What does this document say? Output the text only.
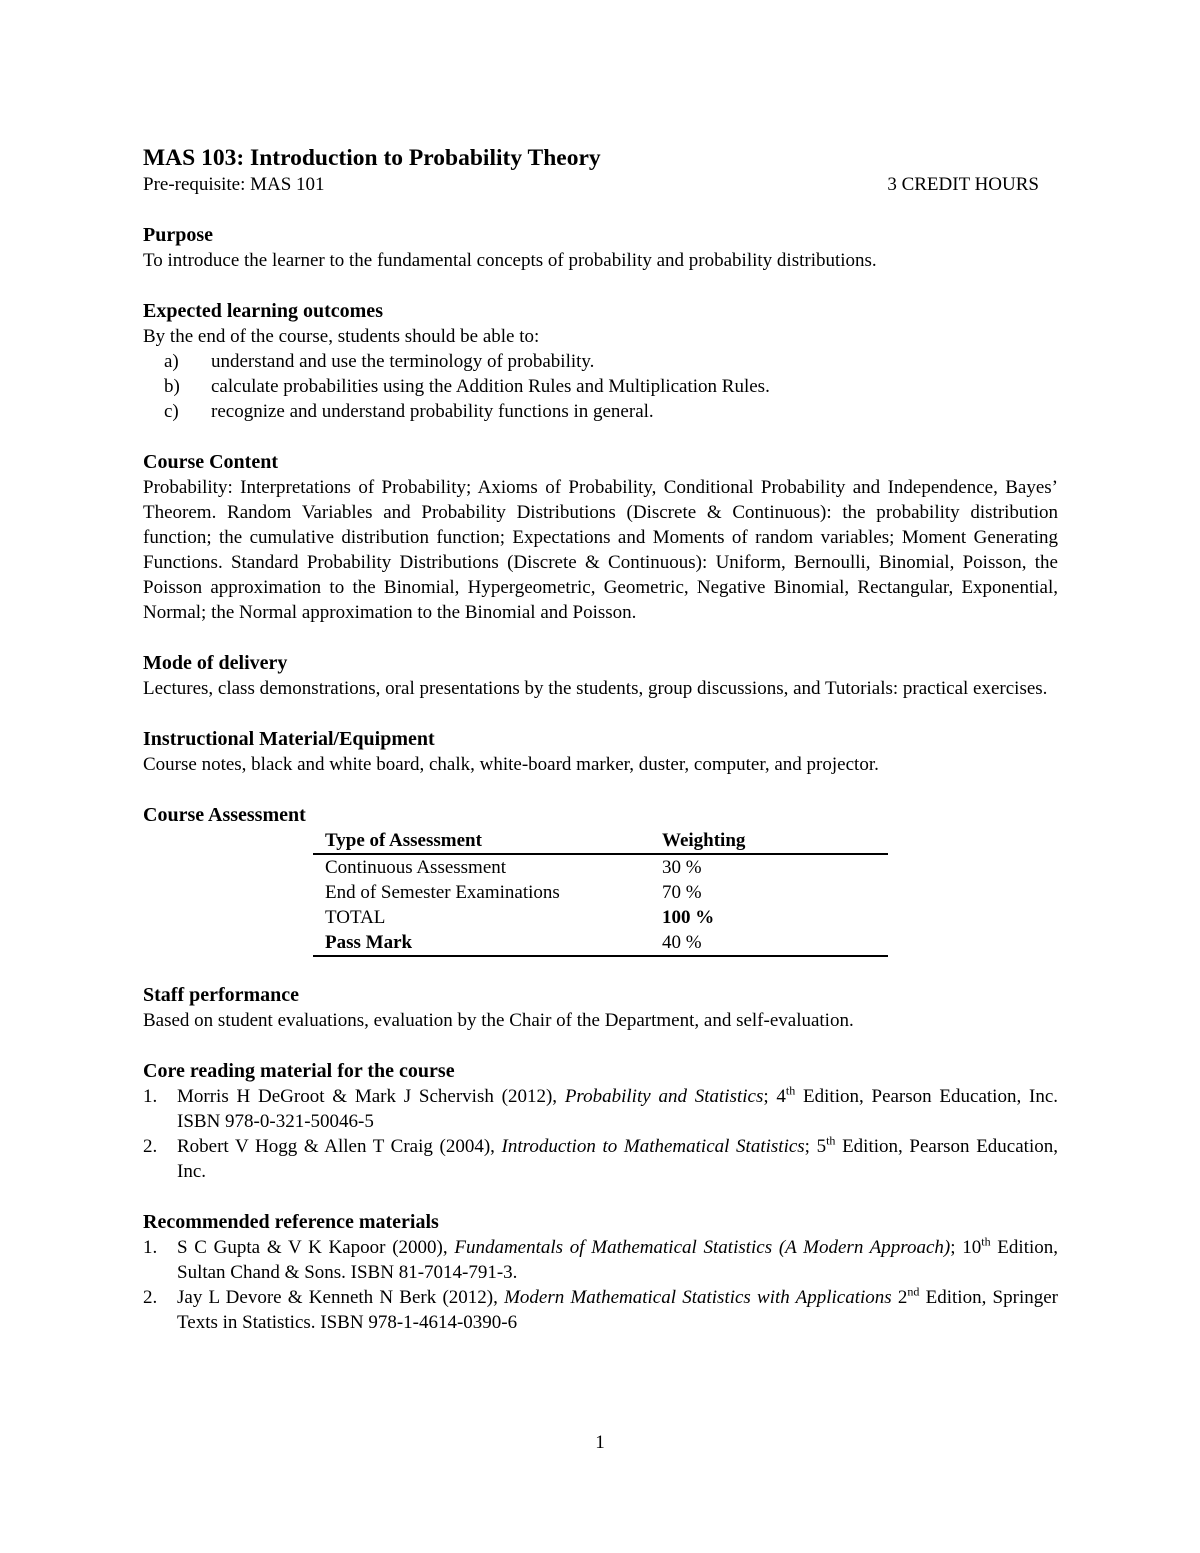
MAS 103: Introduction to Probability Theory
Pre-requisite: MAS 101	3 CREDIT HOURS
Purpose
To introduce the learner to the fundamental concepts of probability and probability distributions.
Expected learning outcomes
By the end of the course, students should be able to:
a)	understand and use the terminology of probability.
b)	calculate probabilities using the Addition Rules and Multiplication Rules.
c)	recognize and understand probability functions in general.
Course Content
Probability: Interpretations of Probability; Axioms of Probability, Conditional Probability and Independence, Bayes’ Theorem. Random Variables and Probability Distributions (Discrete & Continuous): the probability distribution function; the cumulative distribution function; Expectations and Moments of random variables; Moment Generating Functions. Standard Probability Distributions (Discrete & Continuous): Uniform, Bernoulli, Binomial, Poisson, the Poisson approximation to the Binomial, Hypergeometric, Geometric, Negative Binomial, Rectangular, Exponential, Normal; the Normal approximation to the Binomial and Poisson.
Mode of delivery
Lectures, class demonstrations, oral presentations by the students, group discussions, and Tutorials: practical exercises.
Instructional Material/Equipment
Course notes, black and white board, chalk, white-board marker, duster, computer, and projector.
Course Assessment
Type of Assessment	Weighting
Continuous Assessment	30 %
End of Semester Examinations	70 %
TOTAL	100 %
Pass Mark	40 %
Staff performance
Based on student evaluations, evaluation by the Chair of the Department, and self-evaluation.
Core reading material for the course
1.	Morris H DeGroot & Mark J Schervish (2012), Probability and Statistics; 4th Edition, Pearson Education, Inc. ISBN 978-0-321-50046-5
2.	Robert V Hogg & Allen T Craig (2004), Introduction to Mathematical Statistics; 5th Edition, Pearson Education, Inc.
Recommended reference materials
1.	S C Gupta & V K Kapoor (2000), Fundamentals of Mathematical Statistics (A Modern Approach); 10th Edition, Sultan Chand & Sons. ISBN 81-7014-791-3.
2.	Jay L Devore & Kenneth N Berk (2012), Modern Mathematical Statistics with Applications 2nd Edition, Springer Texts in Statistics. ISBN 978-1-4614-0390-6
1
